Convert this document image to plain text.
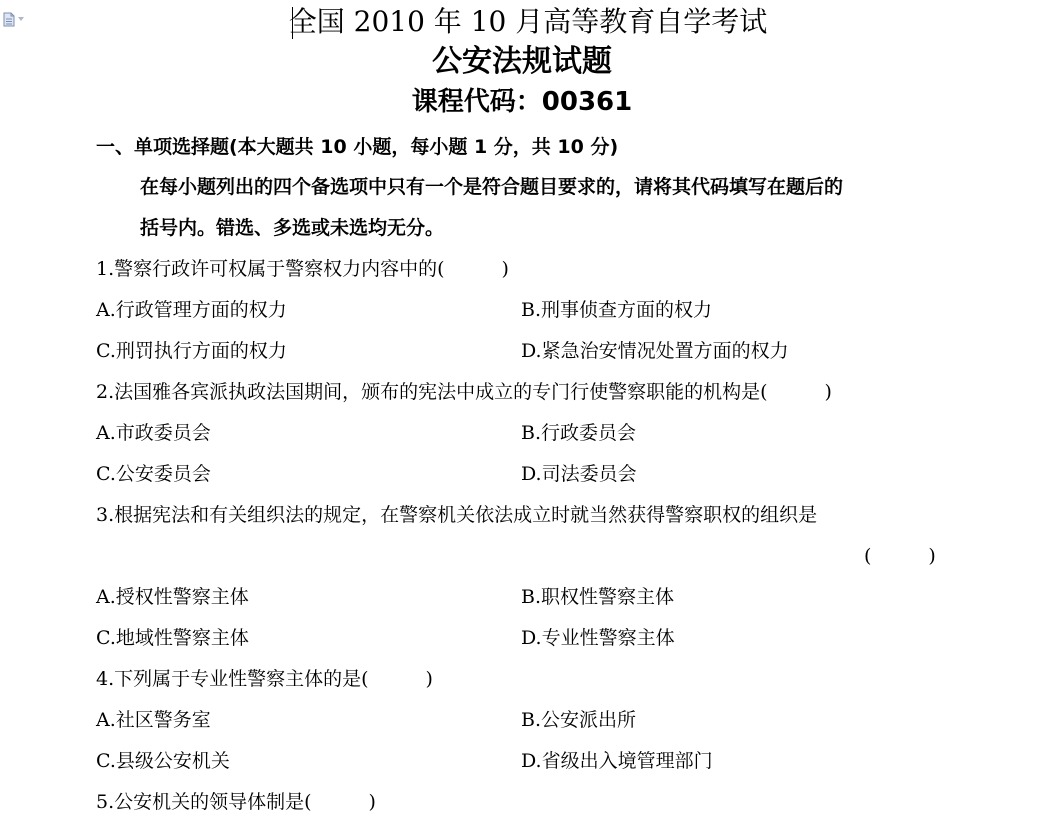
全国 2010 年 10 月高等教育自学考试
公安法规试题
课程代码：00361
一、单项选择题(本大题共 10 小题，每小题 1 分，共 10 分)
在每小题列出的四个备选项中只有一个是符合题目要求的，请将其代码填写在题后的
括号内。错选、多选或未选均无分。
1.警察行政许可权属于警察权力内容中的(　　　)
A.行政管理方面的权力	B.刑事侦查方面的权力
C.刑罚执行方面的权力	D.紧急治安情况处置方面的权力
2.法国雅各宾派执政法国期间，颁布的宪法中成立的专门行使警察职能的机构是(　　　)
A.市政委员会	B.行政委员会
C.公安委员会	D.司法委员会
3.根据宪法和有关组织法的规定，在警察机关依法成立时就当然获得警察职权的组织是
(　　　)
A.授权性警察主体	B.职权性警察主体
C.地域性警察主体	D.专业性警察主体
4.下列属于专业性警察主体的是(　　　)
A.社区警务室	B.公安派出所
C.县级公安机关	D.省级出入境管理部门
5.公安机关的领导体制是(　　　)
